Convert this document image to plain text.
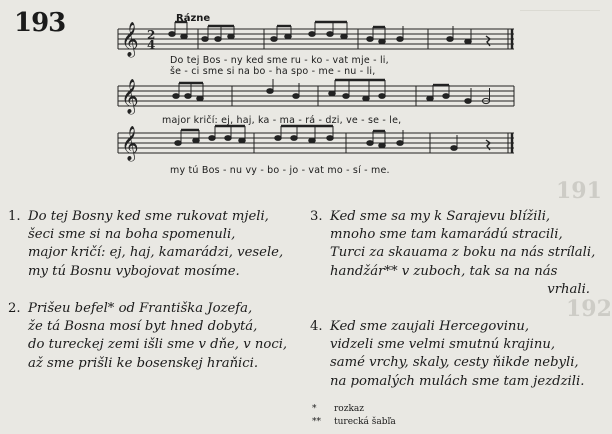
191
192
193	Rázne
𝄞
𝄞
𝄞
2
4
Do tej Bos - ny ked sme ru - ko - vat mje - li,
še - ci sme si na bo - ha spo - me - nu - li,
major kričí: ej, haj, ka - ma - rá - dzi, ve - se - le,
my tú Bos - nu vy - bo - jo - vat mo - sí - me.
1. Do tej Bosny ked sme rukovat mjeli,
šeci sme si na boha spomenuli,
major kričí: ej, haj, kamarádzi, vesele,
my tú Bosnu vybojovat mosíme.
2. Prišeu befel* od Františka Jozefa,
že tá Bosna mosí byt hned dobytá,
do tureckej zemi išli sme v dňe, v noci,
až sme prišli ke bosenskej hraňici.
3. Ked sme sa my k Sarajevu blížili,
mnoho sme tam kamarádú stracili,
Turci za skauama z boku na nás strílali,
handžár** v zuboch, tak sa na nás
vrhali.
4. Ked sme zaujali Hercegovinu,
vidzeli sme velmi smutnú krajinu,
samé vrchy, skaly, cesty ňikde nebyli,
na pomalých mulách sme tam jezdzili.
* rozkaz
** turecká šabľa
